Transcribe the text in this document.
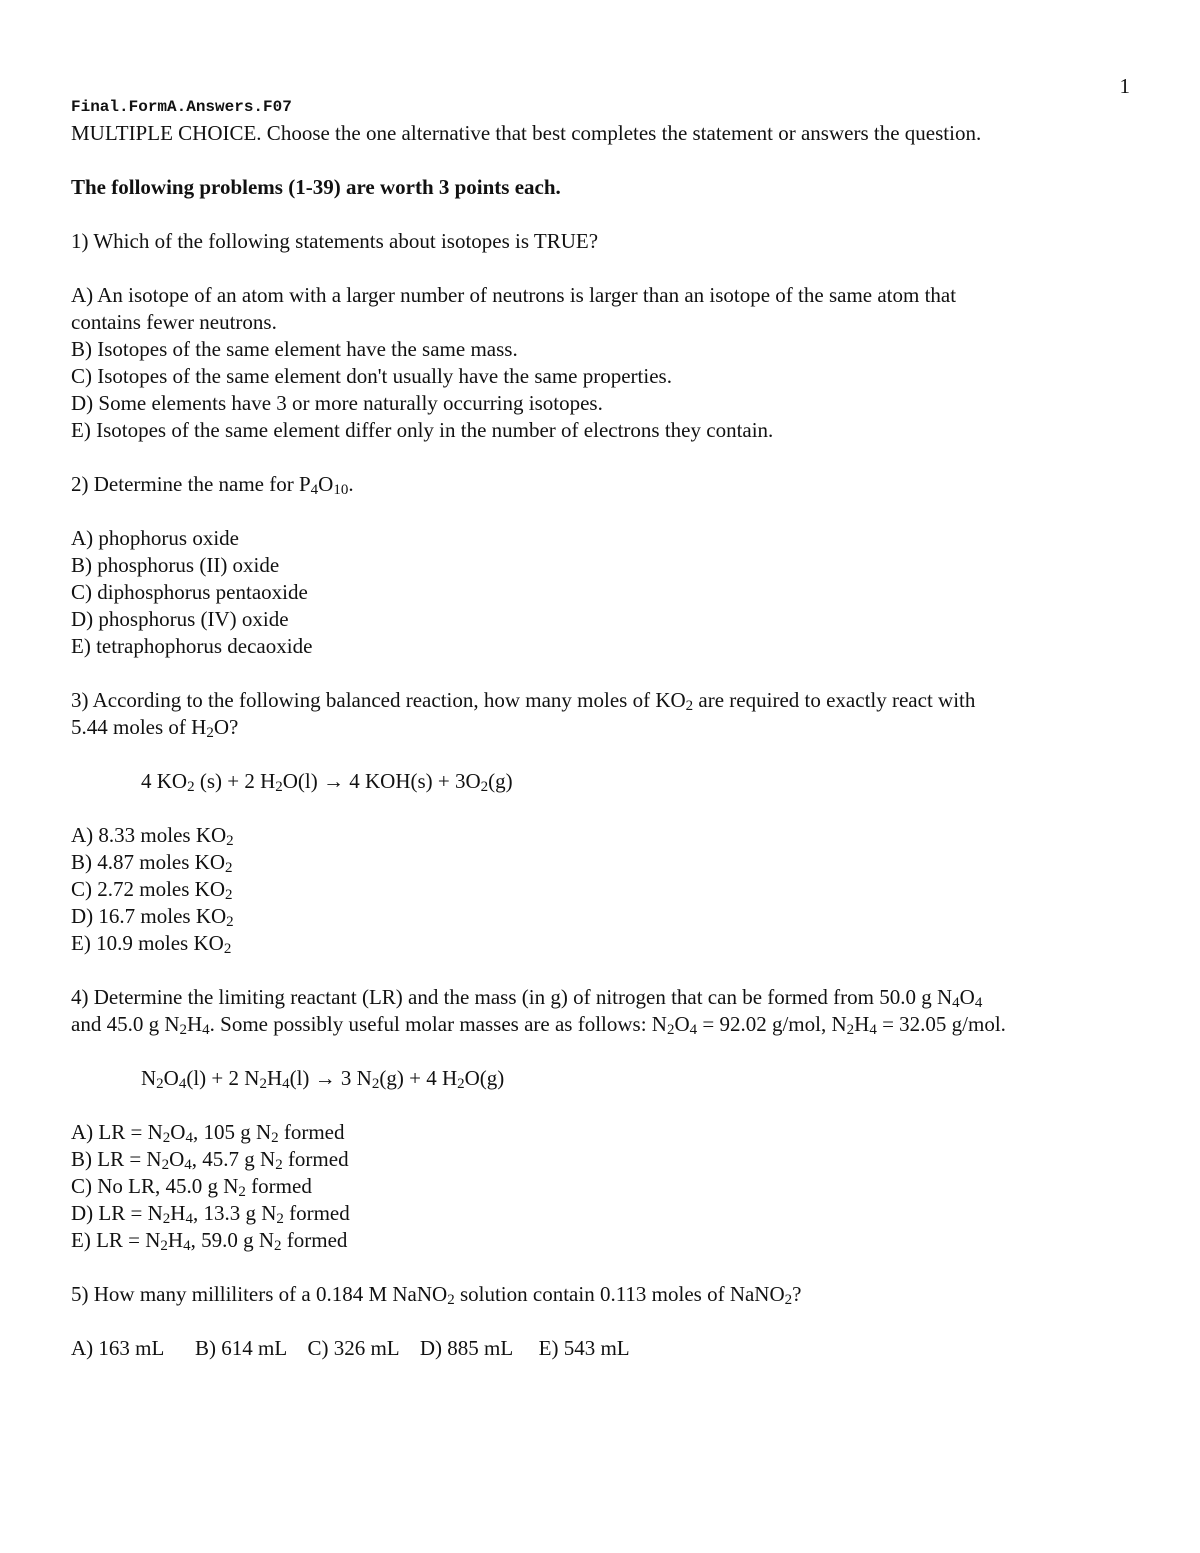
1
Final.FormA.Answers.F07

MULTIPLE CHOICE. Choose the one alternative that best completes the statement or answers the question.

The following problems (1-39) are worth 3 points each.

1) Which of the following statements about isotopes is TRUE?

A) An isotope of an atom with a larger number of neutrons is larger than an isotope of the same atom that

contains fewer neutrons.

B) Isotopes of the same element have the same mass.

C) Isotopes of the same element don't usually have the same properties.

D) Some elements have 3 or more naturally occurring isotopes.

E) Isotopes of the same element differ only in the number of electrons they contain.

2) Determine the name for $P_4O_{10}$.

A) phophorus oxide

B) phosphorus (II) oxide

C) diphosphorus pentaoxide

D) phosphorus (IV) oxide

E) tetraphophorus decaoxide

3) According to the following balanced reaction, how many moles of $KO_2$ are required to exactly react with

5.44 moles of $H_2O$?

4 $KO_2$ (s) + 2 $H_2O(l) \to 4$ $KOH(s) + 3O_2(g)$

A) 8.33 moles $KO_2$

B) 4.87 moles $KO_2$

C) 2.72 moles $KO_2$

D) 16.7 moles $KO_2$

E) 10.9 moles $KO_2$

4) Determine the limiting reactant (LR) and the mass (in g) of nitrogen that can be formed from 50.0 g $N_4O_4$

and 45.0 g $N_2H_4$. Some possibly useful molar masses are as follows: $N_2O_4 = 92.02$ g/mol, $N_2H_4 = 32.05$ g/mol.

$N_2O_4(l) + 2$ $N_2H_4(l) \to 3$ $N_2(g) + 4$ $H_2O(g)$

A) LR = $N_2O_4$, 105 g $N_2$ formed

B) LR = $N_2O_4$, 45.7 g $N_2$ formed

C) No LR, 45.0 g $N_2$ formed

D) LR = $N_2H_4$, 13.3 g $N_2$ formed

E) LR = $N_2H_4$, 59.0 g $N_2$ formed

5) How many milliliters of a 0.184 M NaNO$_2$ solution contain 0.113 moles of NaNO$_2$?

A) 163 mL B) 614 mL C) 326 mL D) 885 mL E) 543 mL
